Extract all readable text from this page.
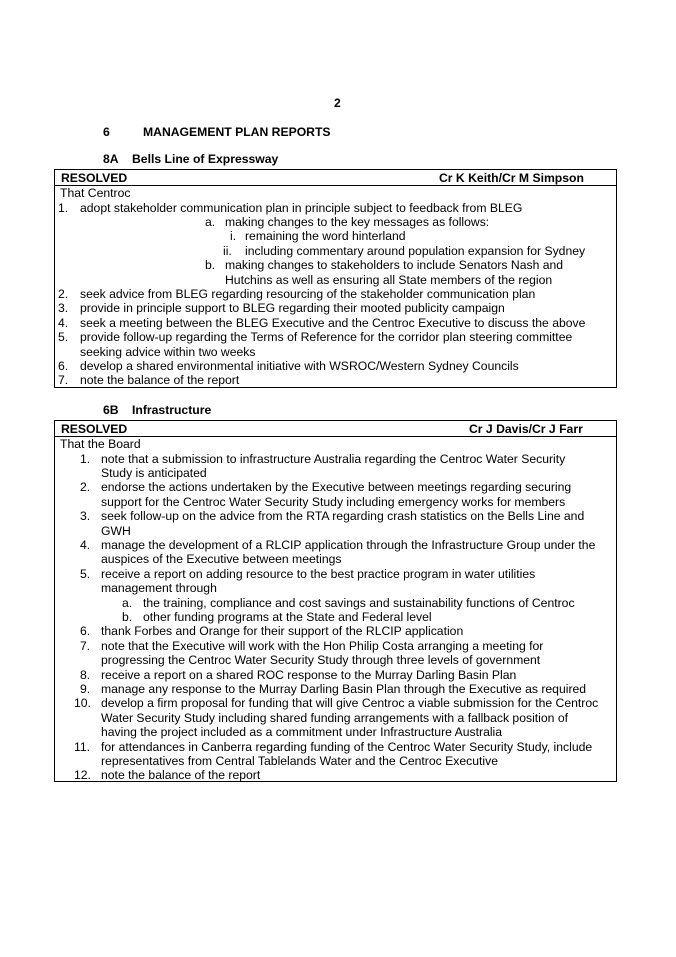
2
6	MANAGEMENT PLAN REPORTS
8A Bells Line of Expressway
RESOLVED	Cr K Keith/Cr M Simpson
That Centroc
1. adopt stakeholder communication plan in principle subject to feedback from BLEG
a. making changes to the key messages as follows:
i. remaining the word hinterland
ii. including commentary around population expansion for Sydney
b. making changes to stakeholders to include Senators Nash and
Hutchins as well as ensuring all State members of the region
2. seek advice from BLEG regarding resourcing of the stakeholder communication plan
3. provide in principle support to BLEG regarding their mooted publicity campaign
4. seek a meeting between the BLEG Executive and the Centroc Executive to discuss the above
5. provide follow-up regarding the Terms of Reference for the corridor plan steering committee
seeking advice within two weeks
6. develop a shared environmental initiative with WSROC/Western Sydney Councils
7. note the balance of the report
6B Infrastructure
RESOLVED	Cr J Davis/Cr J Farr
That the Board
1. note that a submission to infrastructure Australia regarding the Centroc Water Security
Study is anticipated
2. endorse the actions undertaken by the Executive between meetings regarding securing
support for the Centroc Water Security Study including emergency works for members
3. seek follow-up on the advice from the RTA regarding crash statistics on the Bells Line and
GWH
4. manage the development of a RLCIP application through the Infrastructure Group under the
auspices of the Executive between meetings
5. receive a report on adding resource to the best practice program in water utilities
management through
a. the training, compliance and cost savings and sustainability functions of Centroc
b. other funding programs at the State and Federal level
6. thank Forbes and Orange for their support of the RLCIP application
7. note that the Executive will work with the Hon Philip Costa arranging a meeting for
progressing the Centroc Water Security Study through three levels of government
8. receive a report on a shared ROC response to the Murray Darling Basin Plan
9. manage any response to the Murray Darling Basin Plan through the Executive as required
10. develop a firm proposal for funding that will give Centroc a viable submission for the Centroc
Water Security Study including shared funding arrangements with a fallback position of
having the project included as a commitment under Infrastructure Australia
11. for attendances in Canberra regarding funding of the Centroc Water Security Study, include
representatives from Central Tablelands Water and the Centroc Executive
12. note the balance of the report
